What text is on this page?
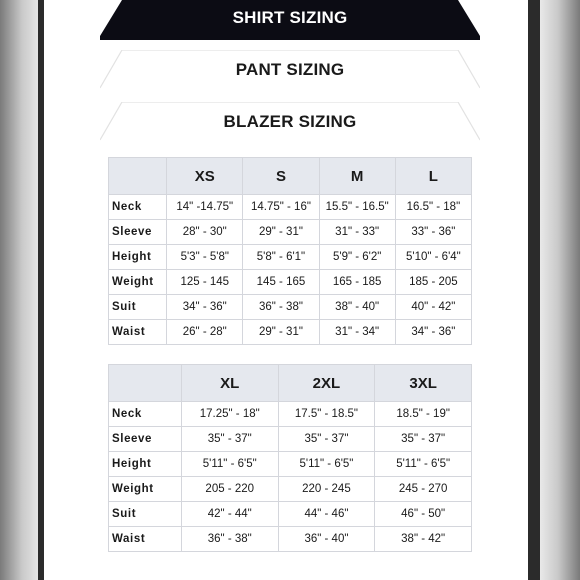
SHIRT SIZING
PANT SIZING
BLAZER SIZING
	XS	S	M	L
Neck	14" -14.75"	14.75" - 16"	15.5" - 16.5"	16.5" - 18"
Sleeve	28" - 30"	29" - 31"	31" - 33"	33" - 36"
Height	5'3" - 5'8"	5'8" - 6'1"	5'9" - 6'2"	5'10" - 6'4"
Weight	125 - 145	145 - 165	165 - 185	185 - 205
Suit	34" - 36"	36" - 38"	38" - 40"	40" - 42"
Waist	26" - 28"	29" - 31"	31" - 34"	34" - 36"
	XL	2XL	3XL
Neck	17.25" - 18"	17.5" - 18.5"	18.5" - 19"
Sleeve	35" - 37"	35" - 37"	35" - 37"
Height	5'11" - 6'5"	5'11" - 6'5"	5'11" - 6'5"
Weight	205 - 220	220 - 245	245 - 270
Suit	42" - 44"	44" - 46"	46" - 50"
Waist	36" - 38"	36" - 40"	38" - 42"
